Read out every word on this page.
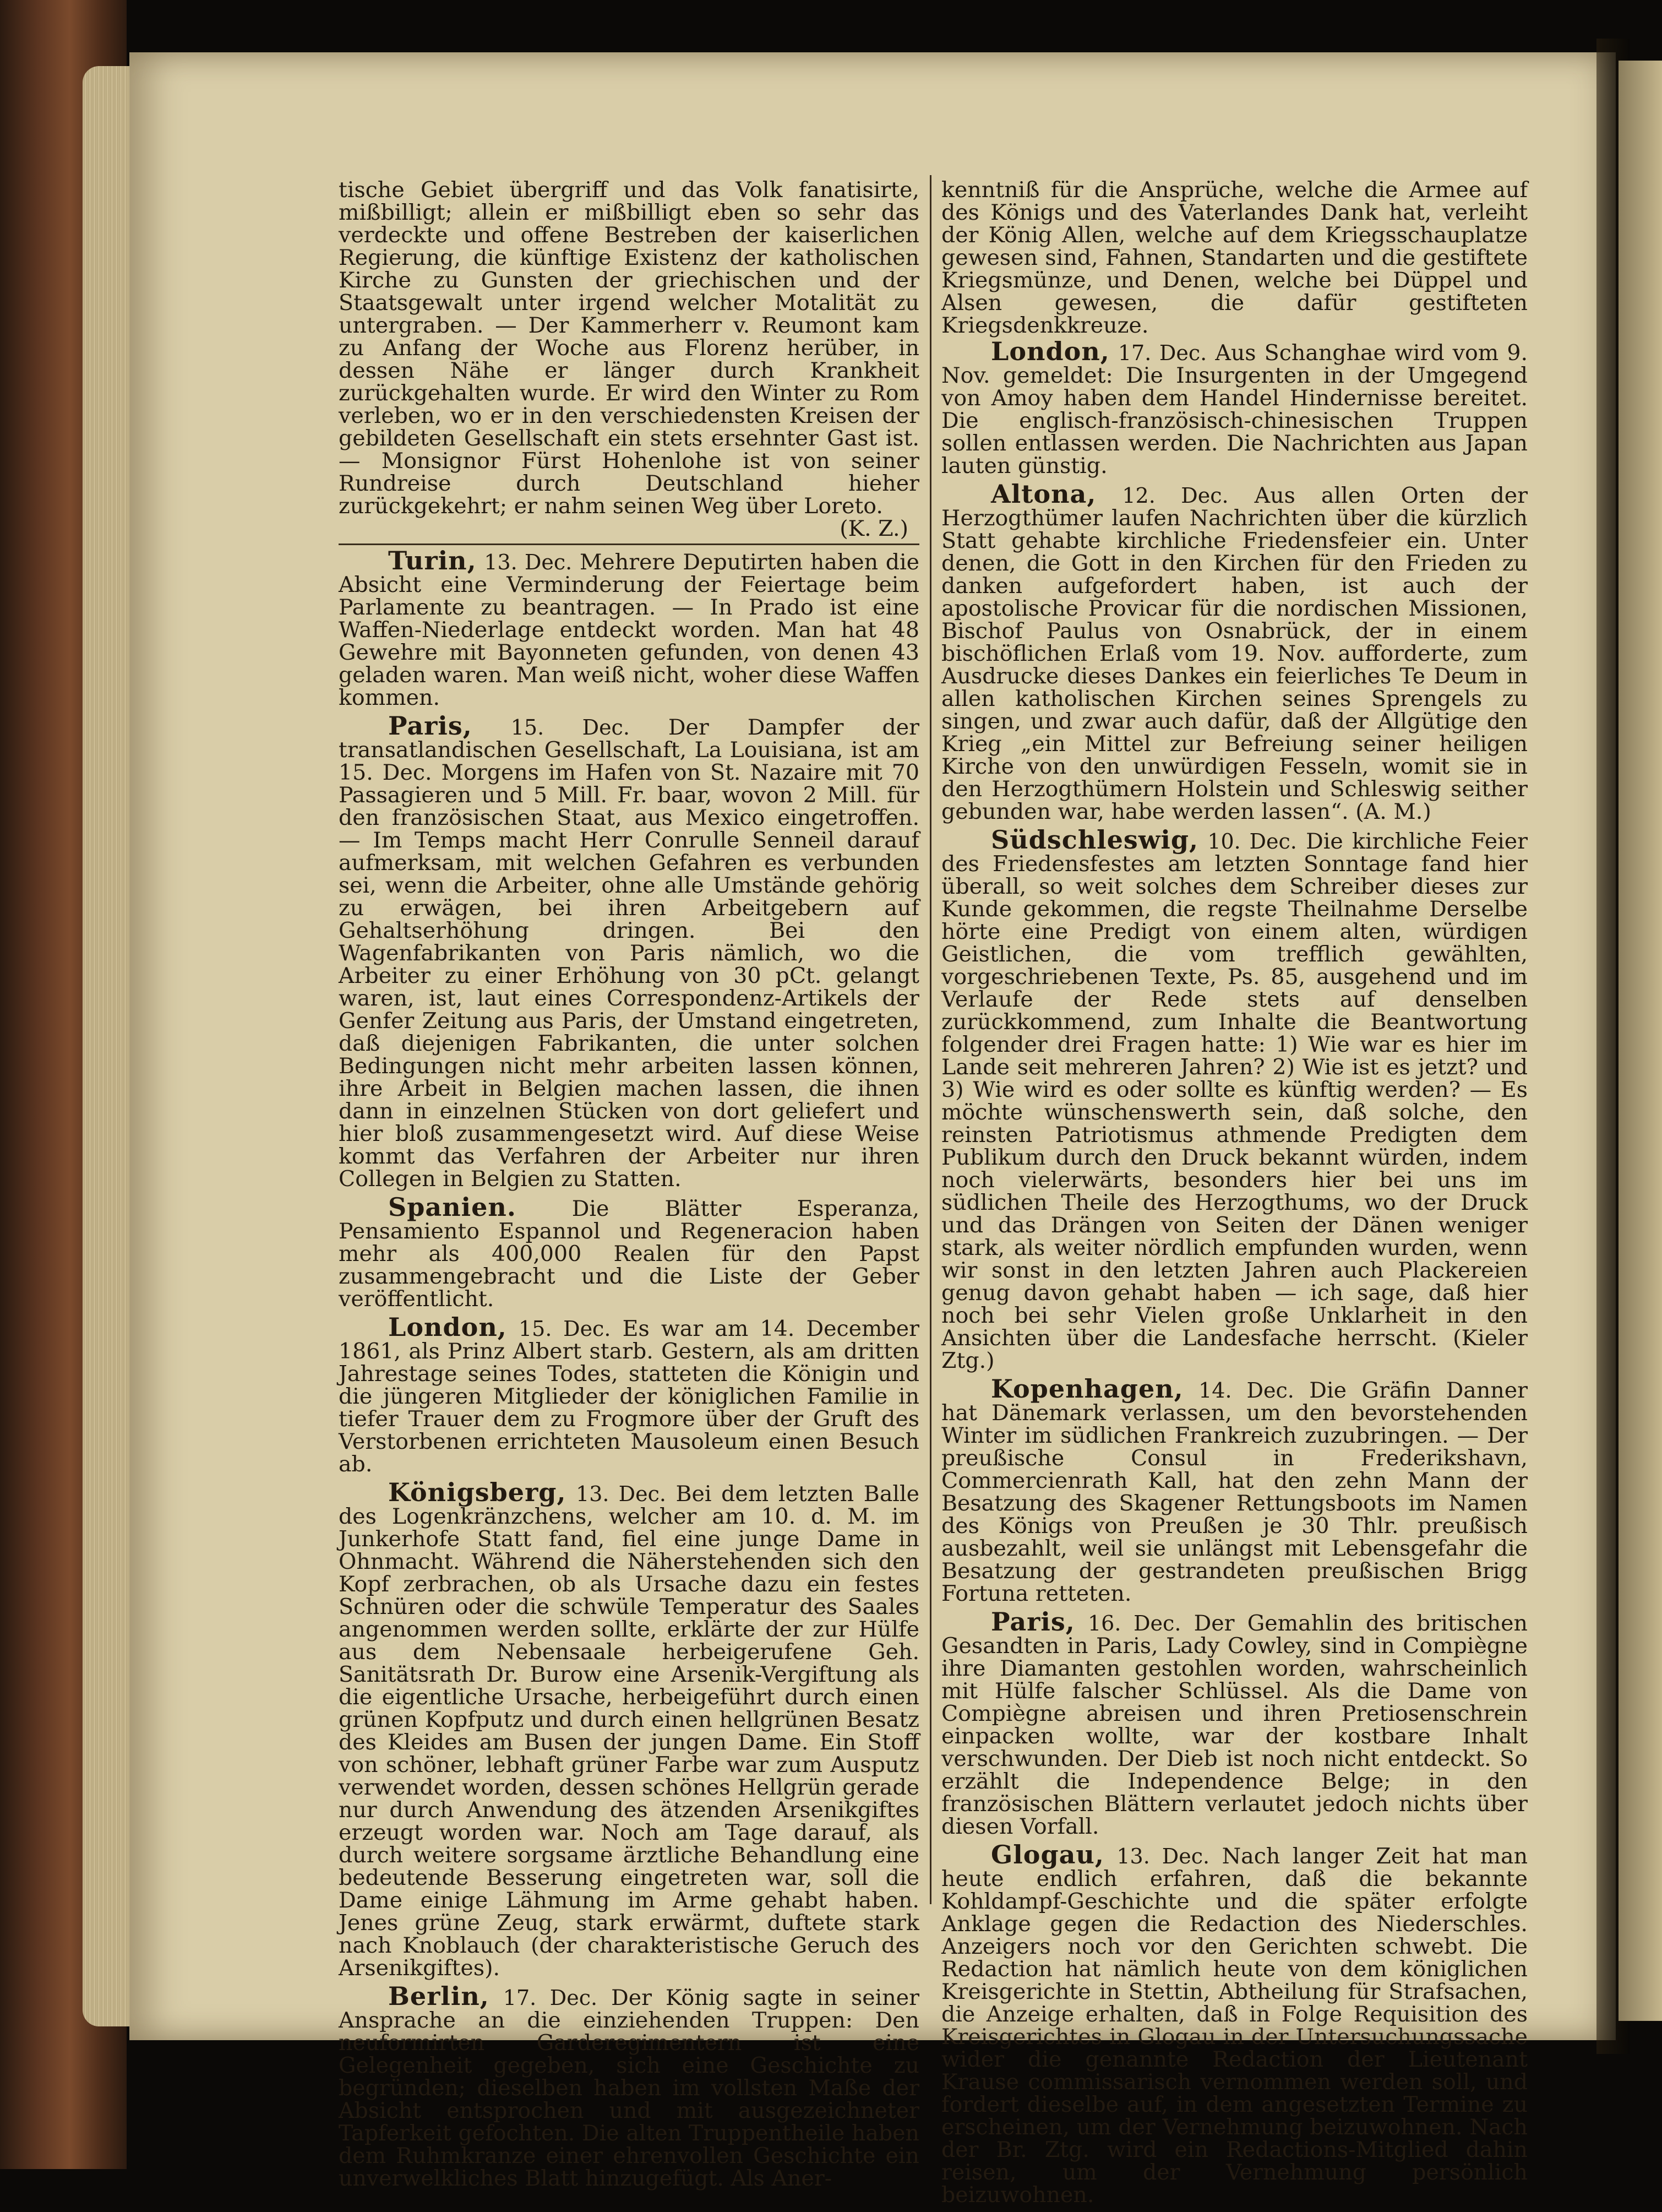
tische Gebiet übergriff und das Volk fanatisirte, mißbilligt; allein er mißbilligt eben so sehr das verdeckte und offene Bestreben der kaiserlichen Regierung, die künftige Existenz der katholischen Kirche zu Gunsten der griechischen und der Staatsgewalt unter irgend welcher Motalität zu untergraben. — Der Kammerherr v. Reumont kam zu Anfang der Woche aus Florenz herüber, in dessen Nähe er länger durch Krankheit zurückgehalten wurde. Er wird den Winter zu Rom verleben, wo er in den verschiedensten Kreisen der gebildeten Gesellschaft ein stets ersehnter Gast ist. — Monsignor Fürst Hohenlohe ist von seiner Rundreise durch Deutschland hieher zurückgekehrt; er nahm seinen Weg über Loreto.
(K. Z.)

Turin, 13. Dec. Mehrere Deputirten haben die Absicht eine Verminderung der Feiertage beim Parlamente zu beantragen. — In Prado ist eine Waffen-Niederlage entdeckt worden. Man hat 48 Gewehre mit Bayonneten gefunden, von denen 43 geladen waren. Man weiß nicht, woher diese Waffen kommen.

Paris, 15. Dec. Der Dampfer der transatlandischen Gesellschaft, La Louisiana, ist am 15. Dec. Morgens im Hafen von St. Nazaire mit 70 Passagieren und 5 Mill. Fr. baar, wovon 2 Mill. für den französischen Staat, aus Mexico eingetroffen. — Im Temps macht Herr Conrulle Senneil darauf aufmerksam, mit welchen Gefahren es verbunden sei, wenn die Arbeiter, ohne alle Umstände gehörig zu erwägen, bei ihren Arbeitgebern auf Gehaltserhöhung dringen. Bei den Wagenfabrikanten von Paris nämlich, wo die Arbeiter zu einer Erhöhung von 30 pCt. gelangt waren, ist, laut eines Correspondenz-Artikels der Genfer Zeitung aus Paris, der Umstand eingetreten, daß diejenigen Fabrikanten, die unter solchen Bedingungen nicht mehr arbeiten lassen können, ihre Arbeit in Belgien machen lassen, die ihnen dann in einzelnen Stücken von dort geliefert und hier bloß zusammengesetzt wird. Auf diese Weise kommt das Verfahren der Arbeiter nur ihren Collegen in Belgien zu Statten.

Spanien.	Die Blätter Esperanza, Pensamiento Espannol und Regeneracion haben mehr als 400,000 Realen für den Papst zusammengebracht und die Liste der Geber veröffentlicht.

London, 15. Dec. Es war am 14. December 1861, als Prinz Albert starb. Gestern, als am dritten Jahrestage seines Todes, statteten die Königin und die jüngeren Mitglieder der königlichen Familie in tiefer Trauer dem zu Frogmore über der Gruft des Verstorbenen errichteten Mausoleum einen Besuch ab.

Königsberg, 13. Dec. Bei dem letzten Balle des Logenkränzchens, welcher am 10. d. M. im Junkerhofe Statt fand, fiel eine junge Dame in Ohnmacht. Während die Näherstehenden sich den Kopf zerbrachen, ob als Ursache dazu ein festes Schnüren oder die schwüle Temperatur des Saales angenommen werden sollte, erklärte der zur Hülfe aus dem Nebensaale herbeigerufene Geh. Sanitätsrath Dr. Burow eine Arsenik-Vergiftung als die eigentliche Ursache, herbeigeführt durch einen grünen Kopfputz und durch einen hellgrünen Besatz des Kleides am Busen der jungen Dame. Ein Stoff von schöner, lebhaft grüner Farbe war zum Ausputz verwendet worden, dessen schönes Hellgrün gerade nur durch Anwendung des ätzenden Arsenikgiftes erzeugt worden war. Noch am Tage darauf, als durch weitere sorgsame ärztliche Behandlung eine bedeutende Besserung eingetreten war, soll die Dame einige Lähmung im Arme gehabt haben. Jenes grüne Zeug, stark erwärmt, duftete stark nach Knoblauch (der charakteristische Geruch des Arsenikgiftes).

Berlin, 17. Dec. Der König sagte in seiner Ansprache an die einziehenden Truppen: Den neuformirten Garderegimentern ist eine Gelegenheit gegeben, sich eine Geschichte zu begründen; dieselben haben im vollsten Maße der Absicht entsprochen und mit ausgezeichneter Tapferkeit gefochten. Die alten Truppentheile haben dem Ruhmkranze einer ehrenvollen Geschichte ein unverwelkliches Blatt hinzugefügt. Als Aner-

kenntniß für die Ansprüche, welche die Armee auf des Königs und des Vaterlandes Dank hat, verleiht der König Allen, welche auf dem Kriegsschauplatze gewesen sind, Fahnen, Standarten und die gestiftete Kriegsmünze, und Denen, welche bei Düppel und Alsen gewesen, die dafür gestifteten Kriegsdenkkreuze.

London, 17. Dec. Aus Schanghae wird vom 9. Nov. gemeldet: Die Insurgenten in der Umgegend von Amoy haben dem Handel Hindernisse bereitet. Die englisch-französisch-chinesischen Truppen sollen entlassen werden. Die Nachrichten aus Japan lauten günstig.

Altona, 12. Dec. Aus allen Orten der Herzogthümer laufen Nachrichten über die kürzlich Statt gehabte kirchliche Friedensfeier ein. Unter denen, die Gott in den Kirchen für den Frieden zu danken aufgefordert haben, ist auch der apostolische Provicar für die nordischen Missionen, Bischof Paulus von Osnabrück, der in einem bischöflichen Erlaß vom 19. Nov. aufforderte, zum Ausdrucke dieses Dankes ein feierliches Te Deum in allen katholischen Kirchen seines Sprengels zu singen, und zwar auch dafür, daß der Allgütige den Krieg „ein Mittel zur Befreiung seiner heiligen Kirche von den unwürdigen Fesseln, womit sie in den Herzogthümern Holstein und Schleswig seither gebunden war, habe werden lassen“. (A. M.)

Südschleswig, 10. Dec. Die kirchliche Feier des Friedensfestes am letzten Sonntage fand hier überall, so weit solches dem Schreiber dieses zur Kunde gekommen, die regste Theilnahme Derselbe hörte eine Predigt von einem alten, würdigen Geistlichen, die vom trefflich gewählten, vorgeschriebenen Texte, Ps. 85, ausgehend und im Verlaufe der Rede stets auf denselben zurückkommend, zum Inhalte die Beantwortung folgender drei Fragen hatte: 1) Wie war es hier im Lande seit mehreren Jahren? 2) Wie ist es jetzt? und 3) Wie wird es oder sollte es künftig werden? — Es möchte wünschenswerth sein, daß solche, den reinsten Patriotismus athmende Predigten dem Publikum durch den Druck bekannt würden, indem noch vielerwärts, besonders hier bei uns im südlichen Theile des Herzogthums, wo der Druck und das Drängen von Seiten der Dänen weniger stark, als weiter nördlich empfunden wurden, wenn wir sonst in den letzten Jahren auch Plackereien genug davon gehabt haben — ich sage, daß hier noch bei sehr Vielen große Unklarheit in den Ansichten über die Landesfache herrscht. (Kieler Ztg.)

Kopenhagen, 14. Dec. Die Gräfin Danner hat Dänemark verlassen, um den bevorstehenden Winter im südlichen Frankreich zuzubringen. — Der preußische Consul in Frederikshavn, Commercienrath Kall, hat den zehn Mann der Besatzung des Skagener Rettungsboots im Namen des Königs von Preußen je 30 Thlr. preußisch ausbezahlt, weil sie unlängst mit Lebensgefahr die Besatzung der gestrandeten preußischen Brigg Fortuna retteten.

Paris, 16. Dec. Der Gemahlin des britischen Gesandten in Paris, Lady Cowley, sind in Compiègne ihre Diamanten gestohlen worden, wahrscheinlich mit Hülfe falscher Schlüssel. Als die Dame von Compiègne abreisen und ihren Pretiosenschrein einpacken wollte, war der kostbare Inhalt verschwunden. Der Dieb ist noch nicht entdeckt. So erzählt die Independence Belge; in den französischen Blättern verlautet jedoch nichts über diesen Vorfall.

Glogau, 13. Dec. Nach langer Zeit hat man heute endlich erfahren, daß die bekannte Kohldampf-Geschichte und die später erfolgte Anklage gegen die Redaction des Niederschles. Anzeigers noch vor den Gerichten schwebt. Die Redaction hat nämlich heute von dem königlichen Kreisgerichte in Stettin, Abtheilung für Strafsachen, die Anzeige erhalten, daß in Folge Requisition des Kreisgerichtes in Glogau in der Untersuchungssache wider die genannte Redaction der Lieutenant Krause commissarisch vernommen werden soll, und fordert dieselbe auf, in dem angesetzten Termine zu erscheinen, um der Vernehmung beizuwohnen. Nach der Br. Ztg. wird ein Redactions-Mitglied dahin reisen, um der Vernehmung persönlich beizuwohnen.
